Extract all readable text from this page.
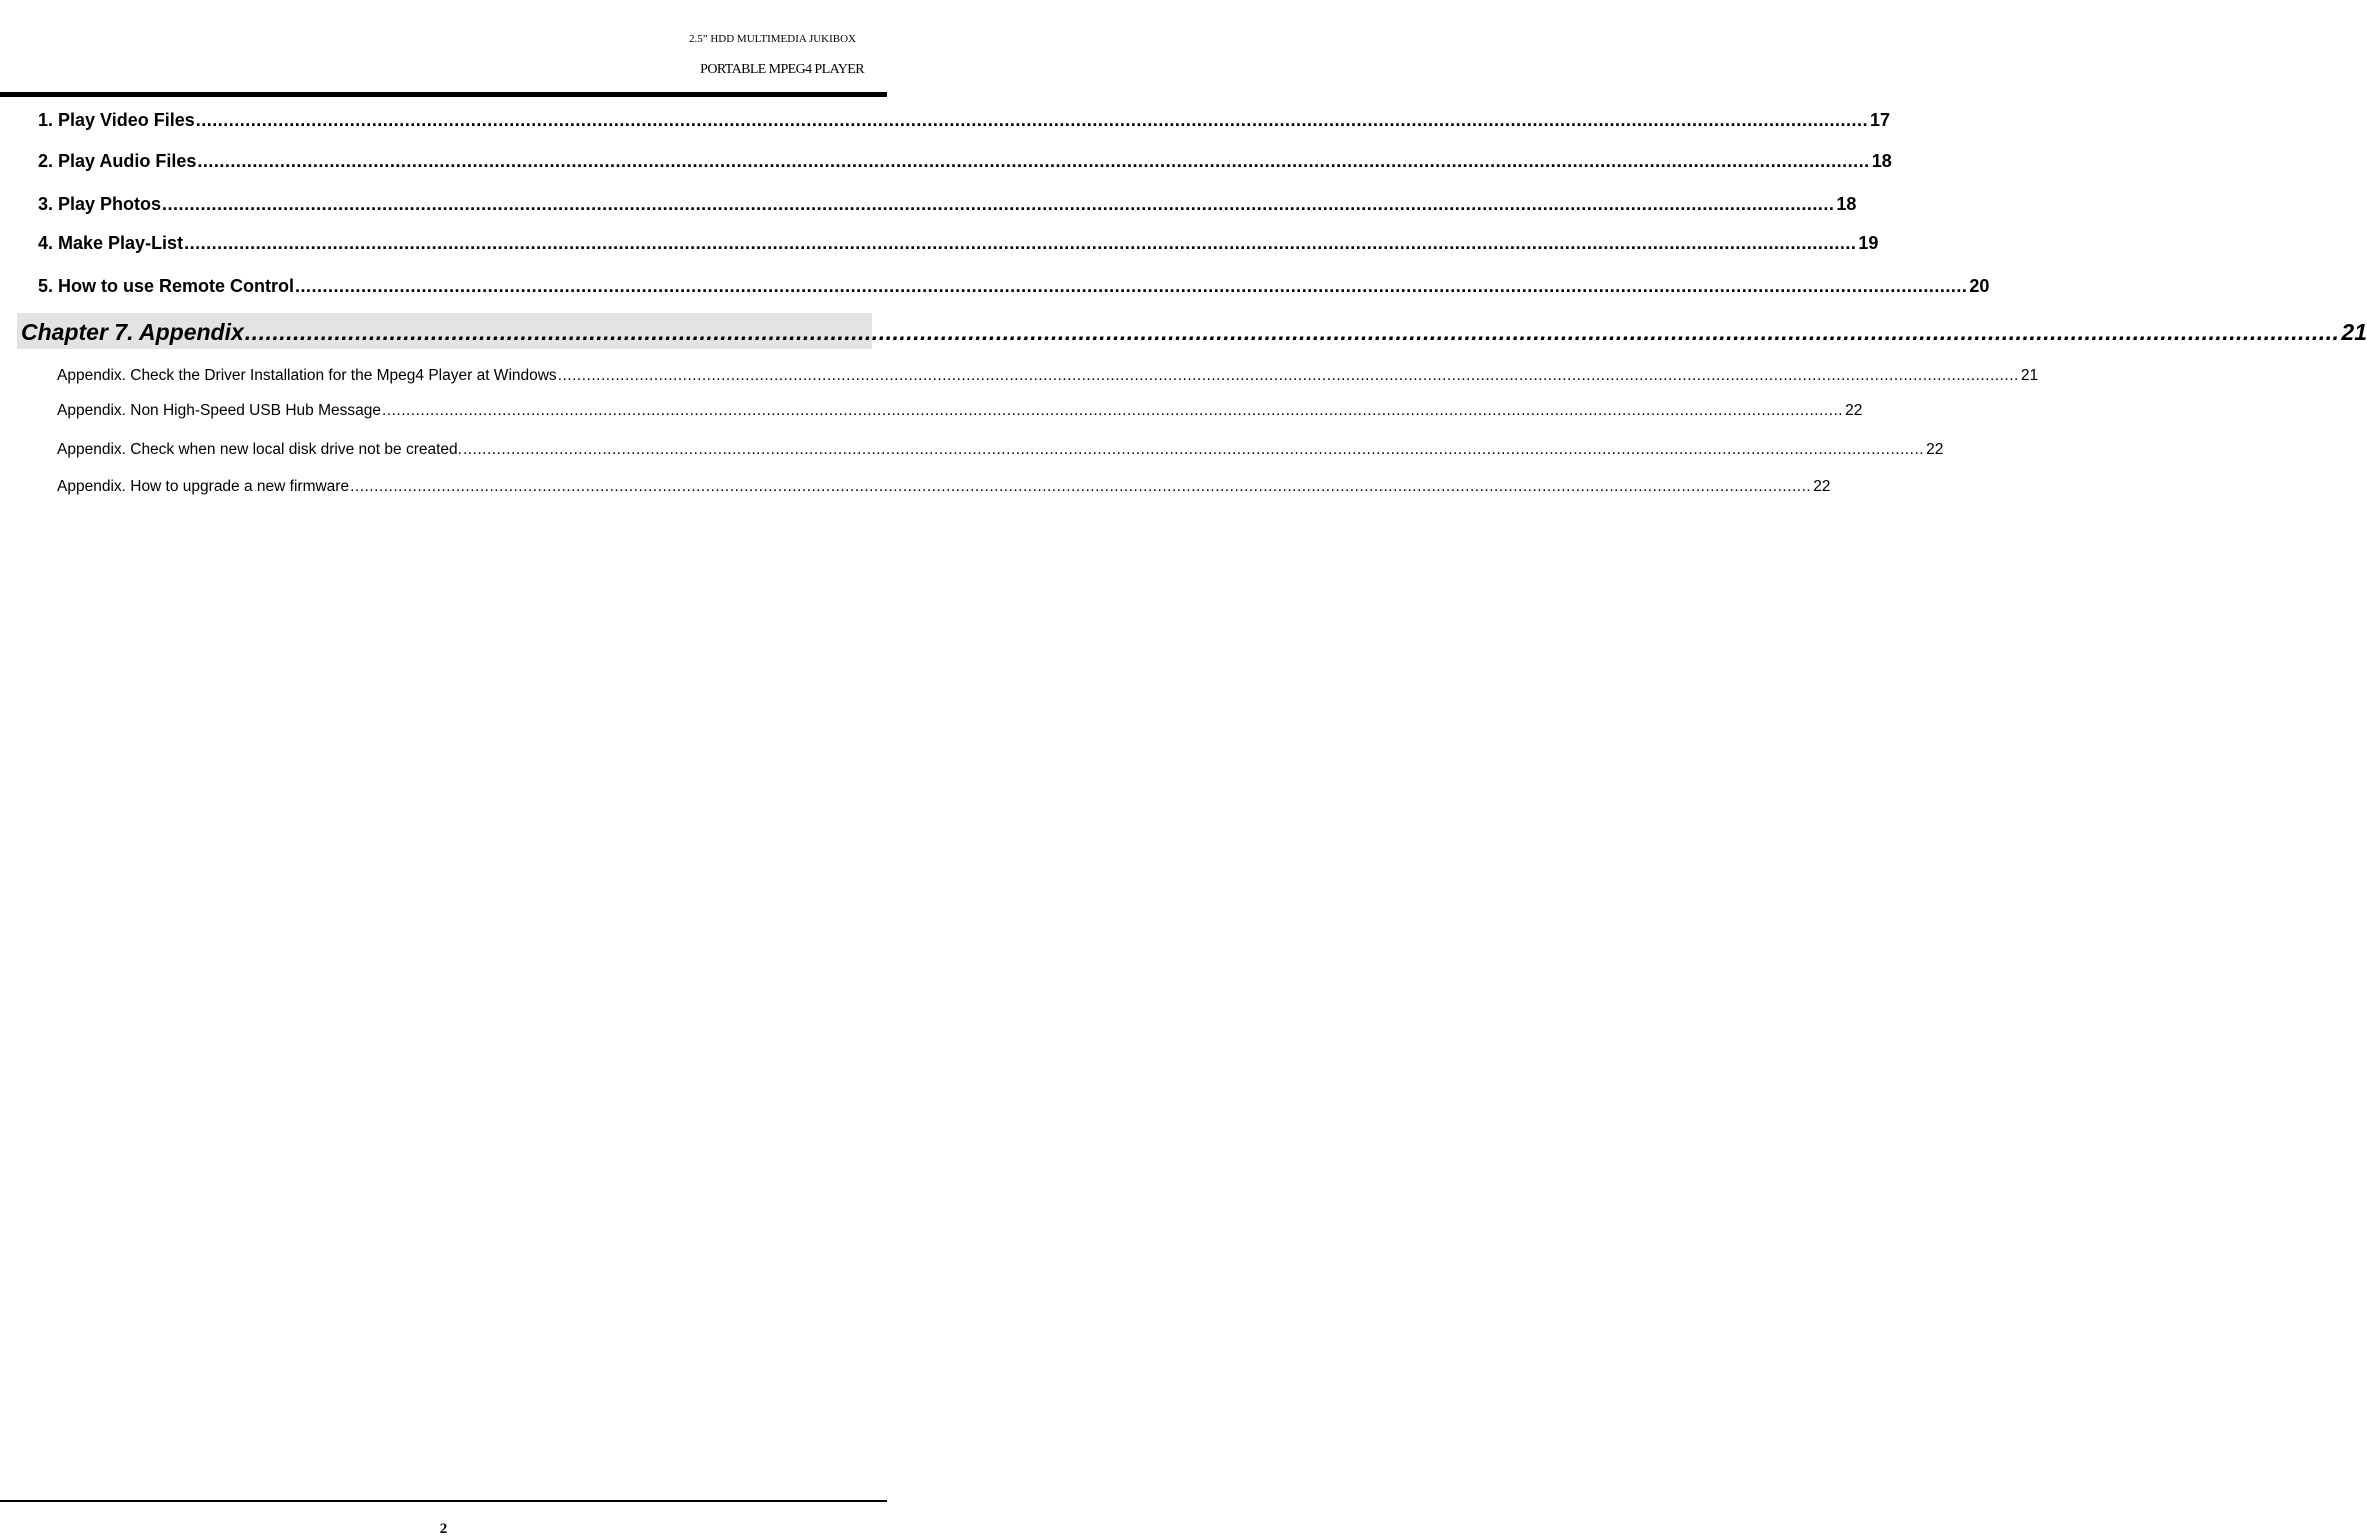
2.5” HDD MULTIMEDIA JUKIBOX
PORTABLE MPEG4 PLAYER
1. Play Video Files .....	17
2. Play Audio Files .....	18
3. Play Photos .....	18
4. Make Play-List .....	19
5. How to use Remote Control .....	20
Chapter 7. Appendix .....	21
Appendix. Check the Driver Installation for the Mpeg4 Player at Windows .....	21
Appendix. Non High-Speed USB Hub Message .....	22
Appendix. Check when new local disk drive not be created. .....	22
Appendix. How to upgrade a new firmware .....	22
2
